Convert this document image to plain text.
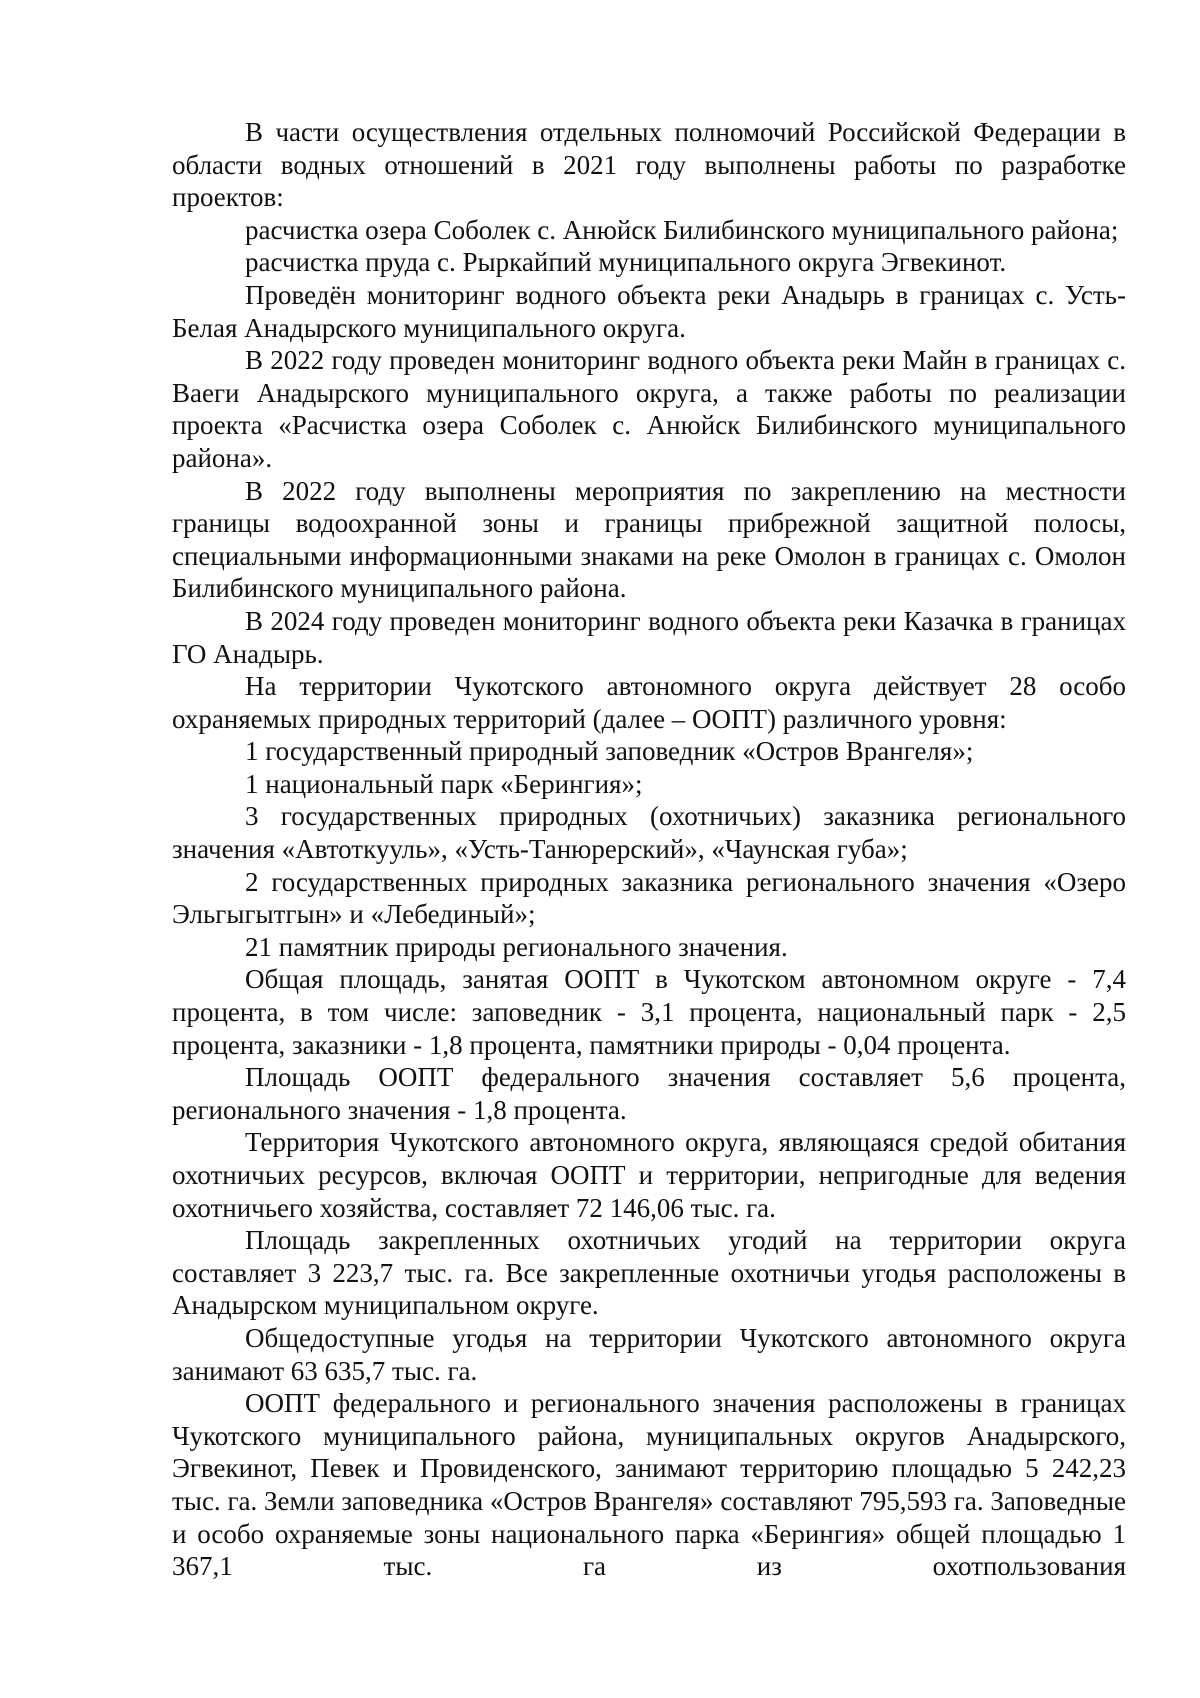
В части осуществления отдельных полномочий Российской Федерации в области водных отношений в 2021 году выполнены работы по разработке проектов:

расчистка озера Соболек с. Анюйск Билибинского муниципального района;

расчистка пруда с. Рыркайпий муниципального округа Эгвекинот.

Проведён мониторинг водного объекта реки Анадырь в границах с. Усть-Белая Анадырского муниципального округа.

В 2022 году проведен мониторинг водного объекта реки Майн в границах с. Ваеги Анадырского муниципального округа, а также работы по реализации проекта «Расчистка озера Соболек с. Анюйск Билибинского муниципального района».

В 2022 году выполнены мероприятия по закреплению на местности границы водоохранной зоны и границы прибрежной защитной полосы, специальными информационными знаками на реке Омолон в границах с. Омолон Билибинского муниципального района.

В 2024 году проведен мониторинг водного объекта реки Казачка в границах ГО Анадырь.

На территории Чукотского автономного округа действует 28 особо охраняемых природных территорий (далее – ООПТ) различного уровня:

1 государственный природный заповедник «Остров Врангеля»;

1 национальный парк «Берингия»;

3 государственных природных (охотничьих) заказника регионального значения «Автоткууль», «Усть-Танюрерский», «Чаунская губа»;

2 государственных природных заказника регионального значения «Озеро Эльгыгытгын» и «Лебединый»;

21 памятник природы регионального значения.

Общая площадь, занятая ООПТ в Чукотском автономном округе - 7,4 процента, в том числе: заповедник - 3,1 процента, национальный парк - 2,5 процента, заказники - 1,8 процента, памятники природы - 0,04 процента.

Площадь ООПТ федерального значения составляет 5,6 процента, регионального значения - 1,8 процента.

Территория Чукотского автономного округа, являющаяся средой обитания охотничьих ресурсов, включая ООПТ и территории, непригодные для ведения охотничьего хозяйства, составляет 72 146,06 тыс. га.

Площадь закрепленных охотничьих угодий на территории округа составляет 3 223,7 тыс. га. Все закрепленные охотничьи угодья расположены в Анадырском муниципальном округе.

Общедоступные угодья на территории Чукотского автономного округа занимают 63 635,7 тыс. га.

ООПТ федерального и регионального значения расположены в границах Чукотского муниципального района, муниципальных округов Анадырского, Эгвекинот, Певек и Провиденского, занимают территорию площадью 5 242,23 тыс. га. Земли заповедника «Остров Врангеля» составляют 795,593 га. Заповедные и особо охраняемые зоны национального парка «Берингия» общей площадью 1 367,1 тыс. га из охотпользования
